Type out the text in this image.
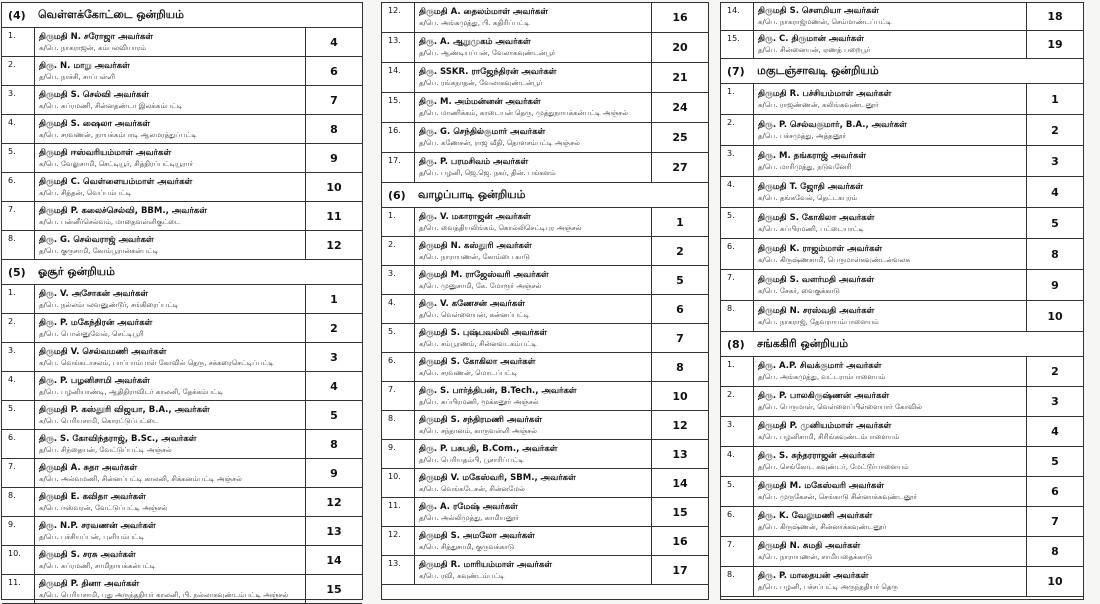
(4)	வெள்ளக்கோட்டை ஒன்றியம்
1.	திருமதி N. சரோஜா அவர்கள்
க/பெ. நாகராஜன், கம்பலவியாரம்	4
2.	திரு. N. மாறு அவர்கள்
த/பெ. நாச்சி, சாப்பள்ளி	6
3.	திருமதி S. செல்வி அவர்கள்
க/பெ. சுப்ரமணி, சின்னதண்டா இலக்கம்பட்டி	7
4.	திருமதி S. ஷைலா அவர்கள்
க/பெ. சரவணன், நாயக்கம்பாடி ஆலமரத்துப்பட்டி	8
5.	திருமதி ஈஸ்வரியம்மாள் அவர்கள்
க/பெ. வேலுசாமி, செட்டியூர், சித்திரப்பட்டியூரார்	9
6.	திருமதி C. வெள்ளையம்மாள் அவர்கள்
க/பெ. சித்தன், வெப்பம்பட்டி	10
7.	திருமதி P. கலைச்செல்வி, BBM., அவர்கள்
க/பெ. பன்னீர்செல்வம், மாதைவள்ளிகுட்டை	11
8.	திரு. G. செல்வராஜ் அவர்கள்
த/பெ. குருசாமி, கோம்பூரான்கள்பட்டி	12
(5)	ஓசூர் ஒன்றியம்
1.	திரு. V. அசோகன் அவர்கள்
த/பெ. நல்லம்பலவனுண்டூர், சங்கிரைப்பட்டி	1
2.	திரு. P. மகேந்திரன் அவர்கள்
த/பெ. பொன்னுவேல், செட்டிபூரி	2
3.	திருமதி V. செல்வமணி அவர்கள்
க/பெ. வெங்கடாசலம், பாப்பாம்பாள் கோவில் தெரு, சக்கரைசெட்டிப்பட்டி	3
4.	திரு. P. பழனிசாமி அவர்கள்
த/பெ. பழனியாண்டி, ஆதிதிராவிடர் காலனி, தேக்கம்பட்டி	4
5.	திருமதி P. கஸ்தூரி விஜயா, B.A., அவர்கள்
க/பெ. பெரியசாமி, கொரட்டுப்பட்டை	5
6.	திரு. S. கோவிந்தராஜ், B.Sc., அவர்கள்
த/பெ. சிந்தையன், வேட்டுப்பட்டி அஞ்சல்	8
7.	திருமதி A. சுதா அவர்கள்
க/பெ. அல்வமணி, சின்னப்பட்டி காலனி, சிக்கனம்பட்டி அஞ்சல்	9
8.	திருமதி E. கவிதா அவர்கள்
க/பெ. ஈஸ்வரன், வேட்டுப்பட்டி அஞ்சல்	12
9.	திரு. N.P. சரவணன் அவர்கள்
த/பெ. பச்சியப்பன், புளியம்பட்டி	13
10.	திருமதி S. சரசு அவர்கள்
க/பெ. சுப்ரமணி, சாமிநாயக்கன்பட்டி	14
11.	திருமதி P. தினா அவர்கள்
க/பெ. பெரியசாமி, புது அருந்ததியர் காலனி, பி. நல்லாகவுண்டம்பட்டி அஞ்சல்	15
12.	திருமதி A. தைலம்மாள் அவர்கள்
க/பெ. அங்கமுத்து, பி. கதிரிப்பட்டி	16
13.	திரு. A. ஆறுமுகம் அவர்கள்
த/பெ. ஆண்டியப்பன், வேலாகவுண்டன்பூர்	20
14.	திரு. SSKR. ராஜேந்திரன் அவர்கள்
த/பெ. ரங்கநாதன், வேலாகவுண்டன்பூர்	21
15.	திரு. M. அம்மன்னன் அவர்கள்
த/பெ. மாணிக்கம், காடையன் தெரு, முத்துநாயக்கன்பட்டி அஞ்சல்	24
16.	திரு. G. செந்தில்குமார் அவர்கள்
த/பெ. கணேசன், ராஜ வீதி, தொளசம்பட்டி அஞ்சல்	25
17.	திரு. P. பரமசிவம் அவர்கள்
த/பெ. பழனி, ஜெ.ஜெ. நகர், தின். பங்களம்	27
(6)	வாழப்பாடி ஒன்றியம்
1.	திரு. V. மகாராஜன் அவர்கள்
த/பெ. வைத்தியலிங்கம், கொல்லிசெட்டிபுர அஞ்சல்	1
2.	திருமதி N. கஸ்தூரி அவர்கள்
க/பெ. நாராயணன், கோம்பை காடு	2
3.	திருமதி M. ராஜேஸ்வரி அவர்கள்
க/பெ. முனுசாமி, கே. மோரூர் அஞ்சல்	5
4.	திரு. V. கணேசன் அவர்கள்
த/பெ. வெள்ளையன், கன்னப்பட்டி	6
5.	திருமதி S. புஷ்பவல்லி அவர்கள்
க/பெ. சம்பூரணம், சின்னவடகம்பட்டி	7
6.	திருமதி S. கோகிலா அவர்கள்
க/பெ. சரவணன், மொடப்பட்டி	8
7.	திரு. S. பார்த்திபன், B.Tech., அவர்கள்
த/பெ. சுப்பிரமணி, மூக்கனூர் அஞ்சல்	10
8.	திருமதி S. சந்திரமணி அவர்கள்
க/பெ. சந்தானம், காருவள்ளி அஞ்சல்	12
9.	திரு. P. பசுபதி, B.Com., அவர்கள்
த/பெ. பெரியதம்பி, பூசாரிப்பட்டி	13
10.	திருமதி V. மகேஸ்வரி, SBM., அவர்கள்
க/பெ. வெங்கடேசன், சின்னமேல்	14
11.	திரு. A. ரமேஷ் அவர்கள்
த/பெ. அல்லிமுத்து, காமியனூர்	15
12.	திருமதி S. அமலோ அவர்கள்
க/பெ. சித்துசாமி, குருவக்காடு	16
13.	திருமதி R. மாரியம்மாள் அவர்கள்
க/பெ. ரவி, கவுண்டம்பட்டி	17
14.	திருமதி S. சௌமியா அவர்கள்
க/பெ. நாகராஜ்மணன், செம்மாண்டப்பட்டி	18
15.	திரு. C. திருமான் அவர்கள்
த/பெ. சின்னையன், ஏணத் பறைபூர்	19
(7)	மகுடஞ்சாவடி ஒன்றியம்
1.	திருமதி R. பச்சியம்மாள் அவர்கள்
க/பெ. ராஜண்ணன், கலிங்கவுண்டனூர்	1
2.	திரு. P. செல்வகுமார், B.A., அவர்கள்
த/பெ. பச்சமுத்து, அத்தனூர்	2
3.	திரு. M. தங்கராஜ் அவர்கள்
த/பெ. மாரிமுத்து, நடுவனேரி	3
4.	திருமதி T. ஜோதி அவர்கள்
க/பெ. தங்கவேல், தெட்டகபுரம்	4
5.	திருமதி S. கோகிலா அவர்கள்
க/பெ. சுப்பிரமணி, பட்டையாட்டி	5
6.	திருமதி K. ராஜம்மாள் அவர்கள்
க/பெ. கிருஷ்ணசாமி, பெருமாள்கவுண்டன்வலசு	8
7.	திருமதி S. வளர்மதி அவர்கள்
க/பெ. சேகர், வைகுக்காடு	9
8.	திருமதி N. சரஸ்வதி அவர்கள்
க/பெ. நாகராஜ், தேவராயம்பாளையம்	10
(8)	சங்ககிரி ஒன்றியம்
1.	திரு. A.P. சிவக்குமார் அவர்கள்
த/பெ. அங்கமுத்து, வட்டராம்பாளையம்	2
2.	திரு. P. பாலகிருஷ்ணன் அவர்கள்
த/பெ. பெருமாள், வெள்ளைப்பிள்ளையார் கோவில்	3
3.	திருமதி P. முனியம்மாள் அவர்கள்
க/பெ. பழனிசாமி, சிரிங்கவுண்டம்பாளையம்	4
4.	திரு. S. சுந்தரராஜன் அவர்கள்
த/பெ. செங்கோட கவுண்டர், மேட்டூர்பாளையம்	5
5.	திருமதி M. மகேஸ்வரி அவர்கள்
க/பெ. முருகேசன், செங்காடு சின்னாக்கவுண்டனூர்	6
6.	திரு. K. வேலுமணி அவர்கள்
த/பெ. கிருஷ்ணன், சின்னாக்கவுண்டனூர்	7
7.	திருமதி N. சுமதி அவர்கள்
க/பெ. நாராயணன், சாமியதைக்காடு	8
8.	திரு. P. மாதையன் அவர்கள்
த/பெ. பழனி, பச்சப்பட்டி அருந்ததியர் தெரு	10
